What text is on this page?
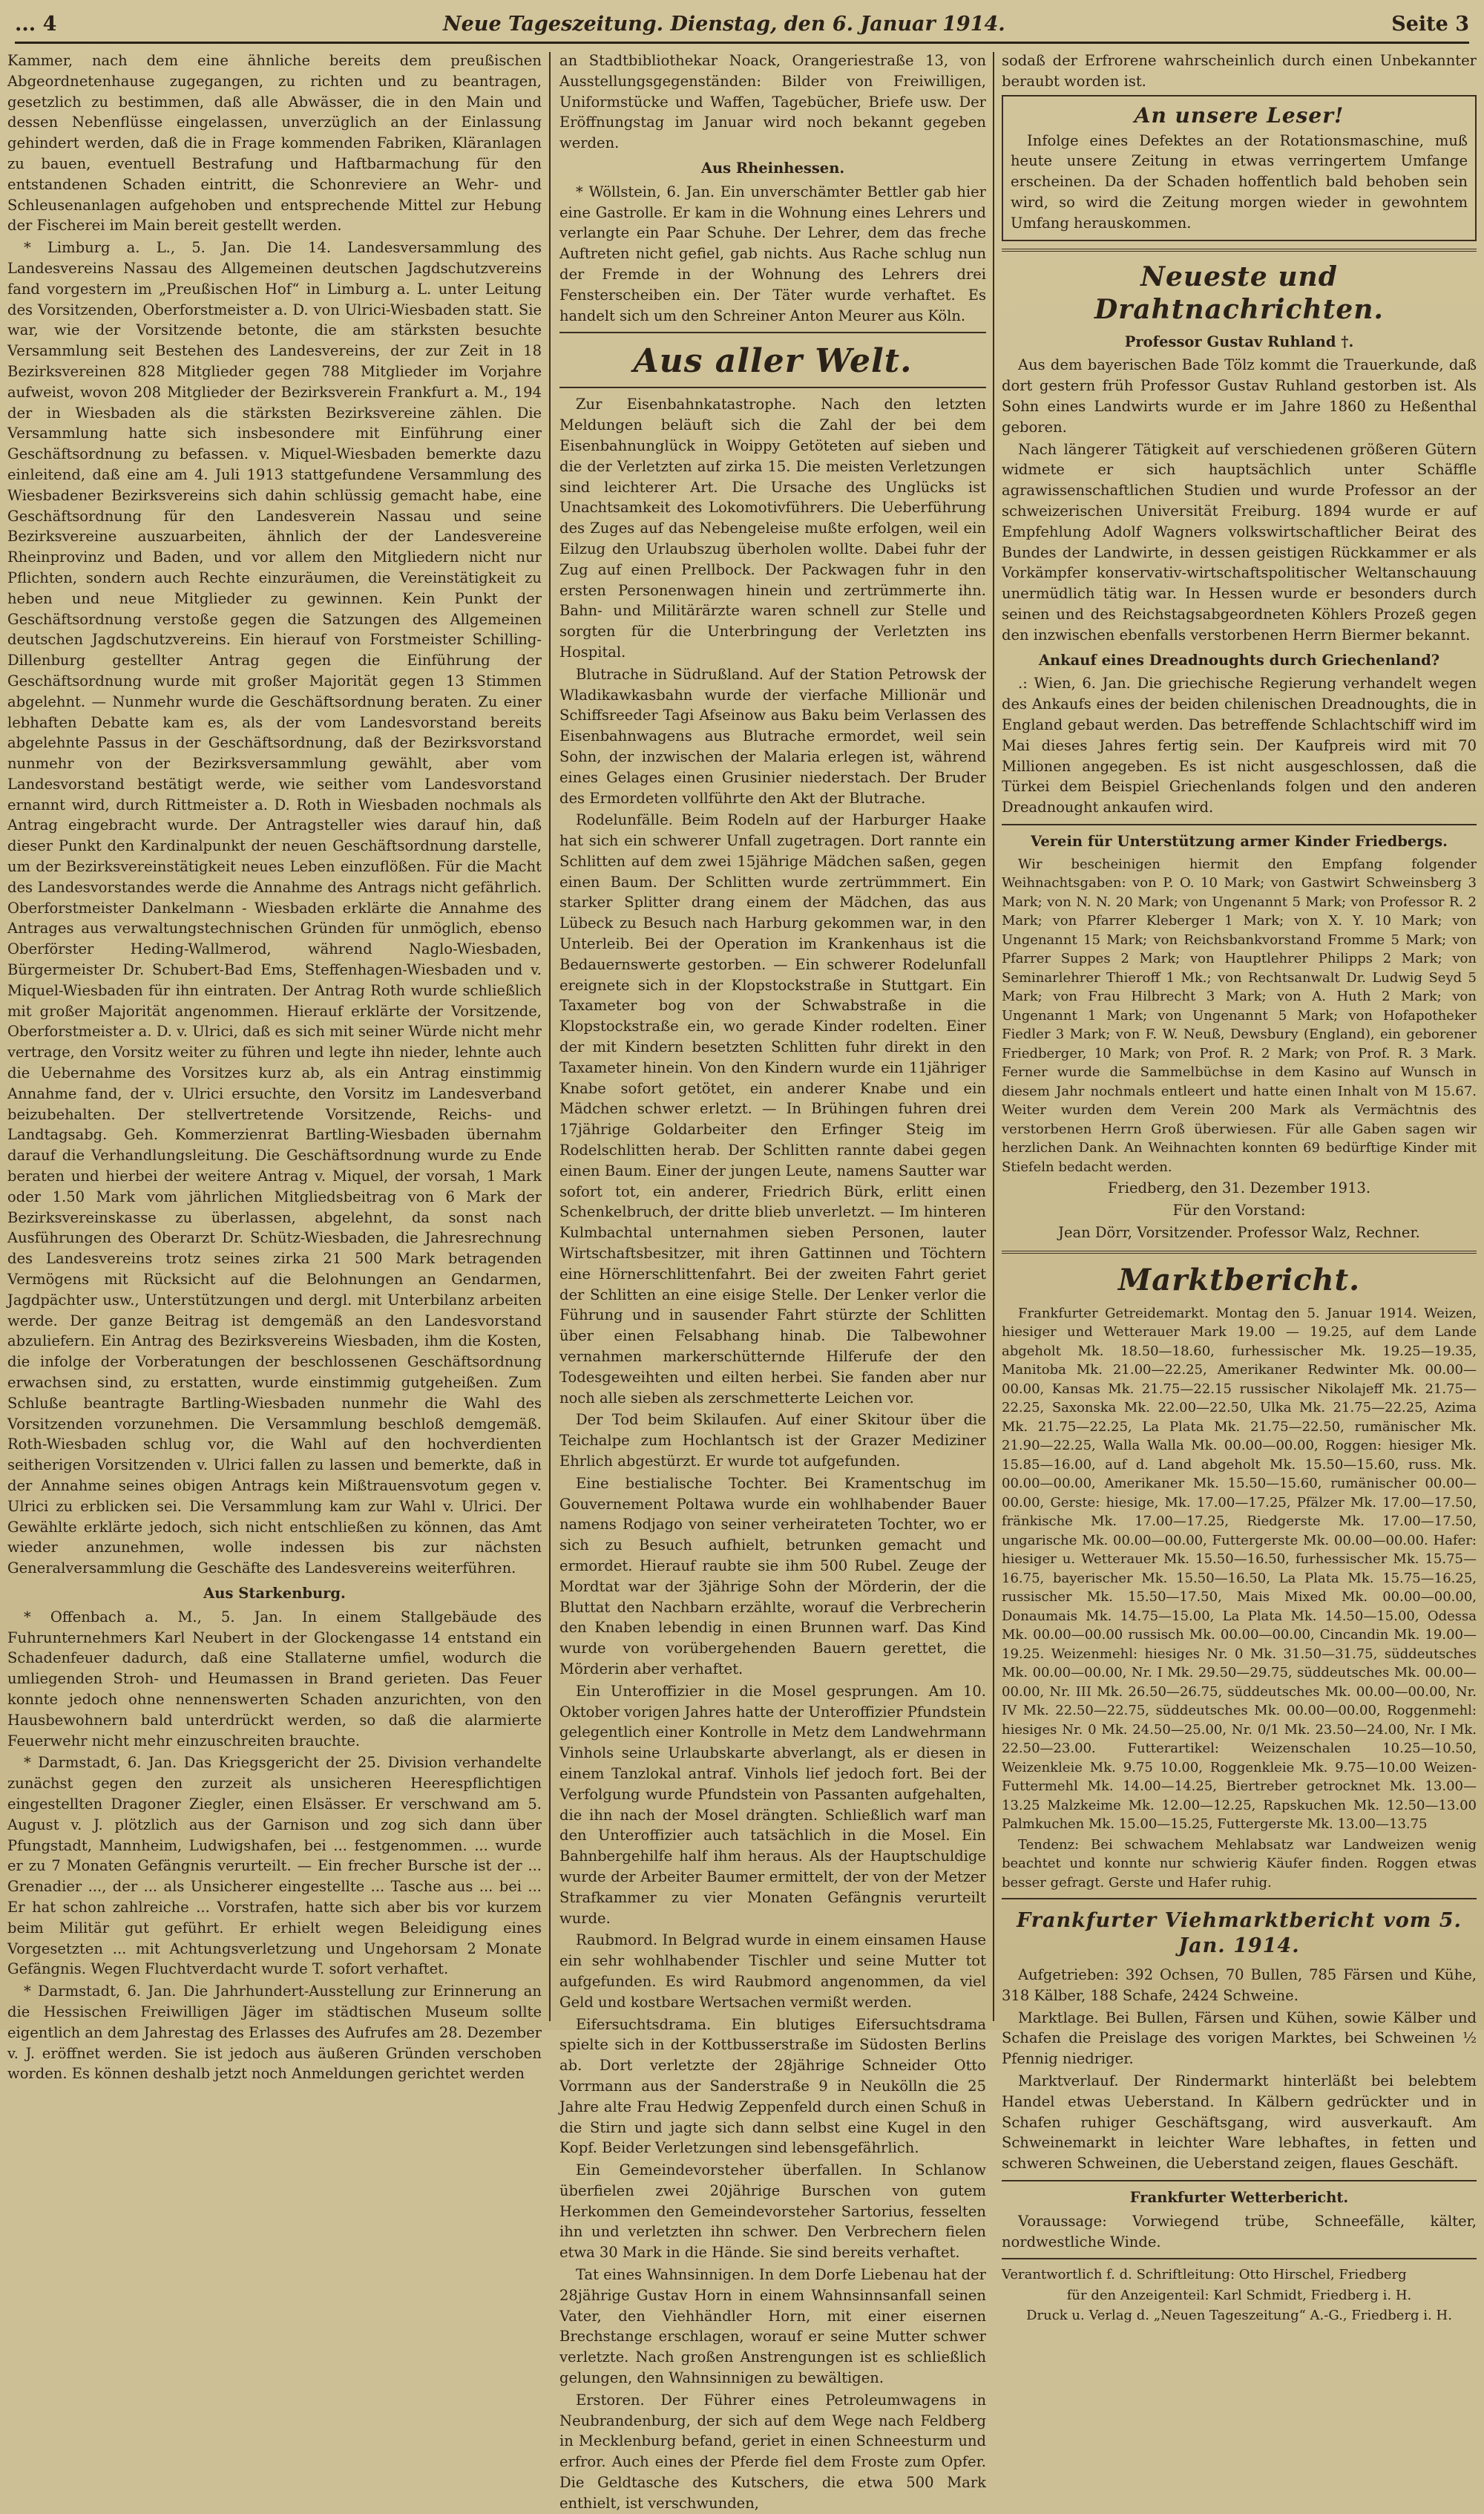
... 4	Neue Tageszeitung. Dienstag, den 6. Januar 1914.	Seite 3

Kammer, nach dem eine ähnliche bereits dem preußischen Abgeordnetenhause zugegangen, zu richten und zu beantragen, gesetzlich zu bestimmen, daß alle Abwässer, die in den Main und dessen Nebenflüsse eingelassen, unverzüglich an der Einlassung gehindert werden, daß die in Frage kommenden Fabriken, Kläranlagen zu bauen, eventuell Bestrafung und Haftbarmachung für den entstandenen Schaden eintritt, die Schonreviere an Wehr- und Schleusenanlagen aufgehoben und entsprechende Mittel zur Hebung der Fischerei im Main bereit gestellt werden.

* Limburg a. L., 5. Jan. Die 14. Landesversammlung des Landesvereins Nassau des Allgemeinen deutschen Jagdschutzvereins fand vorgestern im „Preußischen Hof“ in Limburg a. L. unter Leitung des Vorsitzenden, Oberforstmeister a. D. von Ulrici-Wiesbaden statt. Sie war, wie der Vorsitzende betonte, die am stärksten besuchte Versammlung seit Bestehen des Landesvereins, der zur Zeit in 18 Bezirksvereinen 828 Mitglieder gegen 788 Mitglieder im Vorjahre aufweist, wovon 208 Mitglieder der Bezirksverein Frankfurt a. M., 194 der in Wiesbaden als die stärksten Bezirksvereine zählen. Die Versammlung hatte sich insbesondere mit Einführung einer Geschäftsordnung zu befassen. v. Miquel-Wiesbaden bemerkte dazu einleitend, daß eine am 4. Juli 1913 stattgefundene Versammlung des Wiesbadener Bezirksvereins sich dahin schlüssig gemacht habe, eine Geschäftsordnung für den Landesverein Nassau und seine Bezirksvereine auszuarbeiten, ähnlich der der Landesvereine Rheinprovinz und Baden, und vor allem den Mitgliedern nicht nur Pflichten, sondern auch Rechte einzuräumen, die Vereinstätigkeit zu heben und neue Mitglieder zu gewinnen. Kein Punkt der Geschäftsordnung verstoße gegen die Satzungen des Allgemeinen deutschen Jagdschutzvereins. Ein hierauf von Forstmeister Schilling-Dillenburg gestellter Antrag gegen die Einführung der Geschäftsordnung wurde mit großer Majorität gegen 13 Stimmen abgelehnt. — Nunmehr wurde die Geschäftsordnung beraten. Zu einer lebhaften Debatte kam es, als der vom Landesvorstand bereits abgelehnte Passus in der Geschäftsordnung, daß der Bezirksvorstand nunmehr von der Bezirksversammlung gewählt, aber vom Landesvorstand bestätigt werde, wie seither vom Landesvorstand ernannt wird, durch Rittmeister a. D. Roth in Wiesbaden nochmals als Antrag eingebracht wurde. Der Antragsteller wies darauf hin, daß dieser Punkt den Kardinalpunkt der neuen Geschäftsordnung darstelle, um der Bezirksvereinstätigkeit neues Leben einzuflößen. Für die Macht des Landesvorstandes werde die Annahme des Antrags nicht gefährlich. Oberforstmeister Dankelmann - Wiesbaden erklärte die Annahme des Antrages aus verwaltungstechnischen Gründen für unmöglich, ebenso Oberförster Heding-Wallmerod, während Naglo-Wiesbaden, Bürgermeister Dr. Schubert-Bad Ems, Steffenhagen-Wiesbaden und v. Miquel-Wiesbaden für ihn eintraten. Der Antrag Roth wurde schließlich mit großer Majorität angenommen. Hierauf erklärte der Vorsitzende, Oberforstmeister a. D. v. Ulrici, daß es sich mit seiner Würde nicht mehr vertrage, den Vorsitz weiter zu führen und legte ihn nieder, lehnte auch die Uebernahme des Vorsitzes kurz ab, als ein Antrag einstimmig Annahme fand, der v. Ulrici ersuchte, den Vorsitz im Landesverband beizubehalten. Der stellvertretende Vorsitzende, Reichs- und Landtagsabg. Geh. Kommerzienrat Bartling-Wiesbaden übernahm darauf die Verhandlungsleitung. Die Geschäftsordnung wurde zu Ende beraten und hierbei der weitere Antrag v. Miquel, der vorsah, 1 Mark oder 1.50 Mark vom jährlichen Mitgliedsbeitrag von 6 Mark der Bezirksvereinskasse zu überlassen, abgelehnt, da sonst nach Ausführungen des Oberarzt Dr. Schütz-Wiesbaden, die Jahresrechnung des Landesvereins trotz seines zirka 21 500 Mark betragenden Vermögens mit Rücksicht auf die Belohnungen an Gendarmen, Jagdpächter usw., Unterstützungen und dergl. mit Unterbilanz arbeiten werde. Der ganze Beitrag ist demgemäß an den Landesvorstand abzuliefern. Ein Antrag des Bezirksvereins Wiesbaden, ihm die Kosten, die infolge der Vorberatungen der beschlossenen Geschäftsordnung erwachsen sind, zu erstatten, wurde einstimmig gutgeheißen. Zum Schluße beantragte Bartling-Wiesbaden nunmehr die Wahl des Vorsitzenden vorzunehmen. Die Versammlung beschloß demgemäß. Roth-Wiesbaden schlug vor, die Wahl auf den hochverdienten seitherigen Vorsitzenden v. Ulrici fallen zu lassen und bemerkte, daß in der Annahme seines obigen Antrags kein Mißtrauensvotum gegen v. Ulrici zu erblicken sei. Die Versammlung kam zur Wahl v. Ulrici. Der Gewählte erklärte jedoch, sich nicht entschließen zu können, das Amt wieder anzunehmen, wolle indessen bis zur nächsten Generalversammlung die Geschäfte des Landesvereins weiterführen.

Aus Starkenburg.

* Offenbach a. M., 5. Jan. In einem Stallgebäude des Fuhrunternehmers Karl Neubert in der Glockengasse 14 entstand ein Schadenfeuer dadurch, daß eine Stallaterne umfiel, wodurch die umliegenden Stroh- und Heumassen in Brand gerieten. Das Feuer konnte jedoch ohne nennenswerten Schaden anzurichten, von den Hausbewohnern bald unterdrückt werden, so daß die alarmierte Feuerwehr nicht mehr einzuschreiten brauchte.

* Darmstadt, 6. Jan. Das Kriegsgericht der 25. Division verhandelte zunächst gegen den zurzeit als unsicheren Heerespflichtigen eingestellten Dragoner Ziegler, einen Elsässer. Er verschwand am 5. August v. J. plötzlich aus der Garnison und zog sich dann über Pfungstadt, Mannheim, Ludwigshafen, bei ... festgenommen. ... wurde er zu 7 Monaten Gefängnis verurteilt. — Ein frecher Bursche ist der ... Grenadier ..., der ... als Unsicherer eingestellte ... Tasche aus ... bei ... Er hat schon zahlreiche ... Vorstrafen, hatte sich aber bis vor kurzem beim Militär gut geführt. Er erhielt wegen Beleidigung eines Vorgesetzten ... mit Achtungsverletzung und Ungehorsam 2 Monate Gefängnis. Wegen Fluchtverdacht wurde T. sofort verhaftet.

* Darmstadt, 6. Jan. Die Jahrhundert-Ausstellung zur Erinnerung an die Hessischen Freiwilligen Jäger im städtischen Museum sollte eigentlich an dem Jahrestag des Erlasses des Aufrufes am 28. Dezember v. J. eröffnet werden. Sie ist jedoch aus äußeren Gründen verschoben worden. Es können deshalb jetzt noch Anmeldungen gerichtet werden

an Stadtbibliothekar Noack, Orangeriestraße 13, von Ausstellungsgegenständen: Bilder von Freiwilligen, Uniformstücke und Waffen, Tagebücher, Briefe usw. Der Eröffnungstag im Januar wird noch bekannt gegeben werden.

Aus Rheinhessen.

* Wöllstein, 6. Jan. Ein unverschämter Bettler gab hier eine Gastrolle. Er kam in die Wohnung eines Lehrers und verlangte ein Paar Schuhe. Der Lehrer, dem das freche Auftreten nicht gefiel, gab nichts. Aus Rache schlug nun der Fremde in der Wohnung des Lehrers drei Fensterscheiben ein. Der Täter wurde verhaftet. Es handelt sich um den Schreiner Anton Meurer aus Köln.

Aus aller Welt.

Zur Eisenbahnkatastrophe. Nach den letzten Meldungen beläuft sich die Zahl der bei dem Eisenbahnunglück in Woippy Getöteten auf sieben und die der Verletzten auf zirka 15. Die meisten Verletzungen sind leichterer Art. Die Ursache des Unglücks ist Unachtsamkeit des Lokomotivführers. Die Ueberführung des Zuges auf das Nebengeleise mußte erfolgen, weil ein Eilzug den Urlaubszug überholen wollte. Dabei fuhr der Zug auf einen Prellbock. Der Packwagen fuhr in den ersten Personenwagen hinein und zertrümmerte ihn. Bahn- und Militärärzte waren schnell zur Stelle und sorgten für die Unterbringung der Verletzten ins Hospital.

Blutrache in Südrußland. Auf der Station Petrowsk der Wladikawkasbahn wurde der vierfache Millionär und Schiffsreeder Tagi Afseinow aus Baku beim Verlassen des Eisenbahnwagens aus Blutrache ermordet, weil sein Sohn, der inzwischen der Malaria erlegen ist, während eines Gelages einen Grusinier niederstach. Der Bruder des Ermordeten vollführte den Akt der Blutrache.

Rodelunfälle. Beim Rodeln auf der Harburger Haake hat sich ein schwerer Unfall zugetragen. Dort rannte ein Schlitten auf dem zwei 15jährige Mädchen saßen, gegen einen Baum. Der Schlitten wurde zertrümmmert. Ein starker Splitter drang einem der Mädchen, das aus Lübeck zu Besuch nach Harburg gekommen war, in den Unterleib. Bei der Operation im Krankenhaus ist die Bedauernswerte gestorben. — Ein schwerer Rodelunfall ereignete sich in der Klopstockstraße in Stuttgart. Ein Taxameter bog von der Schwabstraße in die Klopstockstraße ein, wo gerade Kinder rodelten. Einer der mit Kindern besetzten Schlitten fuhr direkt in den Taxameter hinein. Von den Kindern wurde ein 11jähriger Knabe sofort getötet, ein anderer Knabe und ein Mädchen schwer erletzt. — In Brühingen fuhren drei 17jährige Goldarbeiter den Erfinger Steig im Rodelschlitten herab. Der Schlitten rannte dabei gegen einen Baum. Einer der jungen Leute, namens Sautter war sofort tot, ein anderer, Friedrich Bürk, erlitt einen Schenkelbruch, der dritte blieb unverletzt. — Im hinteren Kulmbachtal unternahmen sieben Personen, lauter Wirtschaftsbesitzer, mit ihren Gattinnen und Töchtern eine Hörnerschlittenfahrt. Bei der zweiten Fahrt geriet der Schlitten an eine eisige Stelle. Der Lenker verlor die Führung und in sausender Fahrt stürzte der Schlitten über einen Felsabhang hinab. Die Talbewohner vernahmen markerschütternde Hilferufe der den Todesgeweihten und eilten herbei. Sie fanden aber nur noch alle sieben als zerschmetterte Leichen vor.

Der Tod beim Skilaufen. Auf einer Skitour über die Teichalpe zum Hochlantsch ist der Grazer Mediziner Ehrlich abgestürzt. Er wurde tot aufgefunden.

Eine bestialische Tochter. Bei Kramentschug im Gouvernement Poltawa wurde ein wohlhabender Bauer namens Rodjago von seiner verheirateten Tochter, wo er sich zu Besuch aufhielt, betrunken gemacht und ermordet. Hierauf raubte sie ihm 500 Rubel. Zeuge der Mordtat war der 3jährige Sohn der Mörderin, der die Bluttat den Nachbarn erzählte, worauf die Verbrecherin den Knaben lebendig in einen Brunnen warf. Das Kind wurde von vorübergehenden Bauern gerettet, die Mörderin aber verhaftet.

Ein Unteroffizier in die Mosel gesprungen. Am 10. Oktober vorigen Jahres hatte der Unteroffizier Pfundstein gelegentlich einer Kontrolle in Metz dem Landwehrmann Vinhols seine Urlaubskarte abverlangt, als er diesen in einem Tanzlokal antraf. Vinhols lief jedoch fort. Bei der Verfolgung wurde Pfundstein von Passanten aufgehalten, die ihn nach der Mosel drängten. Schließlich warf man den Unteroffizier auch tatsächlich in die Mosel. Ein Bahnbergehilfe half ihm heraus. Als der Hauptschuldige wurde der Arbeiter Baumer ermittelt, der von der Metzer Strafkammer zu vier Monaten Gefängnis verurteilt wurde.

Raubmord. In Belgrad wurde in einem einsamen Hause ein sehr wohlhabender Tischler und seine Mutter tot aufgefunden. Es wird Raubmord angenommen, da viel Geld und kostbare Wertsachen vermißt werden.

Eifersuchtsdrama. Ein blutiges Eifersuchtsdrama spielte sich in der Kottbusserstraße im Südosten Berlins ab. Dort verletzte der 28jährige Schneider Otto Vorrmann aus der Sanderstraße 9 in Neukölln die 25 Jahre alte Frau Hedwig Zeppenfeld durch einen Schuß in die Stirn und jagte sich dann selbst eine Kugel in den Kopf. Beider Verletzungen sind lebensgefährlich.

Ein Gemeindevorsteher überfallen. In Schlanow überfielen zwei 20jährige Burschen von gutem Herkommen den Gemeindevorsteher Sartorius, fesselten ihn und verletzten ihn schwer. Den Verbrechern fielen etwa 30 Mark in die Hände. Sie sind bereits verhaftet.

Tat eines Wahnsinnigen. In dem Dorfe Liebenau hat der 28jährige Gustav Horn in einem Wahnsinnsanfall seinen Vater, den Viehhändler Horn, mit einer eisernen Brechstange erschlagen, worauf er seine Mutter schwer verletzte. Nach großen Anstrengungen ist es schließlich gelungen, den Wahnsinnigen zu bewältigen.

Erstoren. Der Führer eines Petroleumwagens in Neubrandenburg, der sich auf dem Wege nach Feldberg in Mecklenburg befand, geriet in einen Schneesturm und erfror. Auch eines der Pferde fiel dem Froste zum Opfer. Die Geldtasche des Kutschers, die etwa 500 Mark enthielt, ist verschwunden,

sodaß der Erfrorene wahrscheinlich durch einen Unbekannter beraubt worden ist.

An unsere Leser!

Infolge eines Defektes an der Rotationsmaschine, muß heute unsere Zeitung in etwas verringertem Umfange erscheinen. Da der Schaden hoffentlich bald behoben sein wird, so wird die Zeitung morgen wieder in gewohntem Umfang herauskommen.

Neueste und Drahtnachrichten.

Professor Gustav Ruhland †.

Aus dem bayerischen Bade Tölz kommt die Trauerkunde, daß dort gestern früh Professor Gustav Ruhland gestorben ist. Als Sohn eines Landwirts wurde er im Jahre 1860 zu Heßenthal geboren.

Nach längerer Tätigkeit auf verschiedenen größeren Gütern widmete er sich hauptsächlich unter Schäffle agrawissenschaftlichen Studien und wurde Professor an der schweizerischen Universität Freiburg. 1894 wurde er auf Empfehlung Adolf Wagners volkswirtschaftlicher Beirat des Bundes der Landwirte, in dessen geistigen Rückkammer er als Vorkämpfer konservativ-wirtschaftspolitischer Weltanschauung unermüdlich tätig war. In Hessen wurde er besonders durch seinen und des Reichstagsabgeordneten Köhlers Prozeß gegen den inzwischen ebenfalls verstorbenen Herrn Biermer bekannt.

Ankauf eines Dreadnoughts durch Griechenland?

.: Wien, 6. Jan. Die griechische Regierung verhandelt wegen des Ankaufs eines der beiden chilenischen Dreadnoughts, die in England gebaut werden. Das betreffende Schlachtschiff wird im Mai dieses Jahres fertig sein. Der Kaufpreis wird mit 70 Millionen angegeben. Es ist nicht ausgeschlossen, daß die Türkei dem Beispiel Griechenlands folgen und den anderen Dreadnought ankaufen wird.

Verein für Unterstützung armer Kinder Friedbergs.

Wir bescheinigen hiermit den Empfang folgender Weihnachtsgaben: von P. O. 10 Mark; von Gastwirt Schweinsberg 3 Mark; von N. N. 20 Mark; von Ungenannt 5 Mark; von Professor R. 2 Mark; von Pfarrer Kleberger 1 Mark; von X. Y. 10 Mark; von Ungenannt 15 Mark; von Reichsbankvorstand Fromme 5 Mark; von Pfarrer Suppes 2 Mark; von Hauptlehrer Philipps 2 Mark; von Seminarlehrer Thieroff 1 Mk.; von Rechtsanwalt Dr. Ludwig Seyd 5 Mark; von Frau Hilbrecht 3 Mark; von A. Huth 2 Mark; von Ungenannt 1 Mark; von Ungenannt 5 Mark; von Hofapotheker Fiedler 3 Mark; von F. W. Neuß, Dewsbury (England), ein geborener Friedberger, 10 Mark; von Prof. R. 2 Mark; von Prof. R. 3 Mark. Ferner wurde die Sammelbüchse in dem Kasino auf Wunsch in diesem Jahr nochmals entleert und hatte einen Inhalt von M 15.67. Weiter wurden dem Verein 200 Mark als Vermächtnis des verstorbenen Herrn Groß überwiesen. Für alle Gaben sagen wir herzlichen Dank. An Weihnachten konnten 69 bedürftige Kinder mit Stiefeln bedacht werden.

Friedberg, den 31. Dezember 1913.

Für den Vorstand:

Jean Dörr, Vorsitzender. Professor Walz, Rechner.

Marktbericht.

Frankfurter Getreidemarkt. Montag den 5. Januar 1914. Weizen, hiesiger und Wetterauer Mark 19.00 — 19.25, auf dem Lande abgeholt Mk. 18.50—18.60, furhessischer Mk. 19.25—19.35, Manitoba Mk. 21.00—22.25, Amerikaner Redwinter Mk. 00.00—00.00, Kansas Mk. 21.75—22.15 russischer Nikolajeff Mk. 21.75—22.25, Saxonska Mk. 22.00—22.50, Ulka Mk. 21.75—22.25, Azima Mk. 21.75—22.25, La Plata Mk. 21.75—22.50, rumänischer Mk. 21.90—22.25, Walla Walla Mk. 00.00—00.00, Roggen: hiesiger Mk. 15.85—16.00, auf d. Land abgeholt Mk. 15.50—15.60, russ. Mk. 00.00—00.00, Amerikaner Mk. 15.50—15.60, rumänischer 00.00—00.00, Gerste: hiesige, Mk. 17.00—17.25, Pfälzer Mk. 17.00—17.50, fränkische Mk. 17.00—17.25, Riedgerste Mk. 17.00—17.50, ungarische Mk. 00.00—00.00, Futtergerste Mk. 00.00—00.00. Hafer: hiesiger u. Wetterauer Mk. 15.50—16.50, furhessischer Mk. 15.75—16.75, bayerischer Mk. 15.50—16.50, La Plata Mk. 15.75—16.25, russischer Mk. 15.50—17.50, Mais Mixed Mk. 00.00—00.00, Donaumais Mk. 14.75—15.00, La Plata Mk. 14.50—15.00, Odessa Mk. 00.00—00.00 russisch Mk. 00.00—00.00, Cincandin Mk. 19.00—19.25. Weizenmehl: hiesiges Nr. 0 Mk. 31.50—31.75, süddeutsches Mk. 00.00—00.00, Nr. I Mk. 29.50—29.75, süddeutsches Mk. 00.00—00.00, Nr. III Mk. 26.50—26.75, süddeutsches Mk. 00.00—00.00, Nr. IV Mk. 22.50—22.75, süddeutsches Mk. 00.00—00.00, Roggenmehl: hiesiges Nr. 0 Mk. 24.50—25.00, Nr. 0/1 Mk. 23.50—24.00, Nr. I Mk. 22.50—23.00. Futterartikel: Weizenschalen 10.25—10.50, Weizenkleie Mk. 9.75 10.00, Roggenkleie Mk. 9.75—10.00 Weizen-Futtermehl Mk. 14.00—14.25, Biertreber getrocknet Mk. 13.00—13.25 Malzkeime Mk. 12.00—12.25, Rapskuchen Mk. 12.50—13.00 Palmkuchen Mk. 15.00—15.25, Futtergerste Mk. 13.00—13.75

Tendenz: Bei schwachem Mehlabsatz war Landweizen wenig beachtet und konnte nur schwierig Käufer finden. Roggen etwas besser gefragt. Gerste und Hafer ruhig.

Frankfurter Viehmarktbericht vom 5. Jan. 1914.

Aufgetrieben: 392 Ochsen, 70 Bullen, 785 Färsen und Kühe, 318 Kälber, 188 Schafe, 2424 Schweine.

Marktlage. Bei Bullen, Färsen und Kühen, sowie Kälber und Schafen die Preislage des vorigen Marktes, bei Schweinen ½ Pfennig niedriger.

Marktverlauf. Der Rindermarkt hinterläßt bei belebtem Handel etwas Ueberstand. In Kälbern gedrückter und in Schafen ruhiger Geschäftsgang, wird ausverkauft. Am Schweinemarkt in leichter Ware lebhaftes, in fetten und schweren Schweinen, die Ueberstand zeigen, flaues Geschäft.

Frankfurter Wetterbericht.

Voraussage: Vorwiegend trübe, Schneefälle, kälter, nordwestliche Winde.

Verantwortlich f. d. Schriftleitung: Otto Hirschel, Friedberg

für den Anzeigenteil: Karl Schmidt, Friedberg i. H.

Druck u. Verlag d. „Neuen Tageszeitung“ A.-G., Friedberg i. H.
